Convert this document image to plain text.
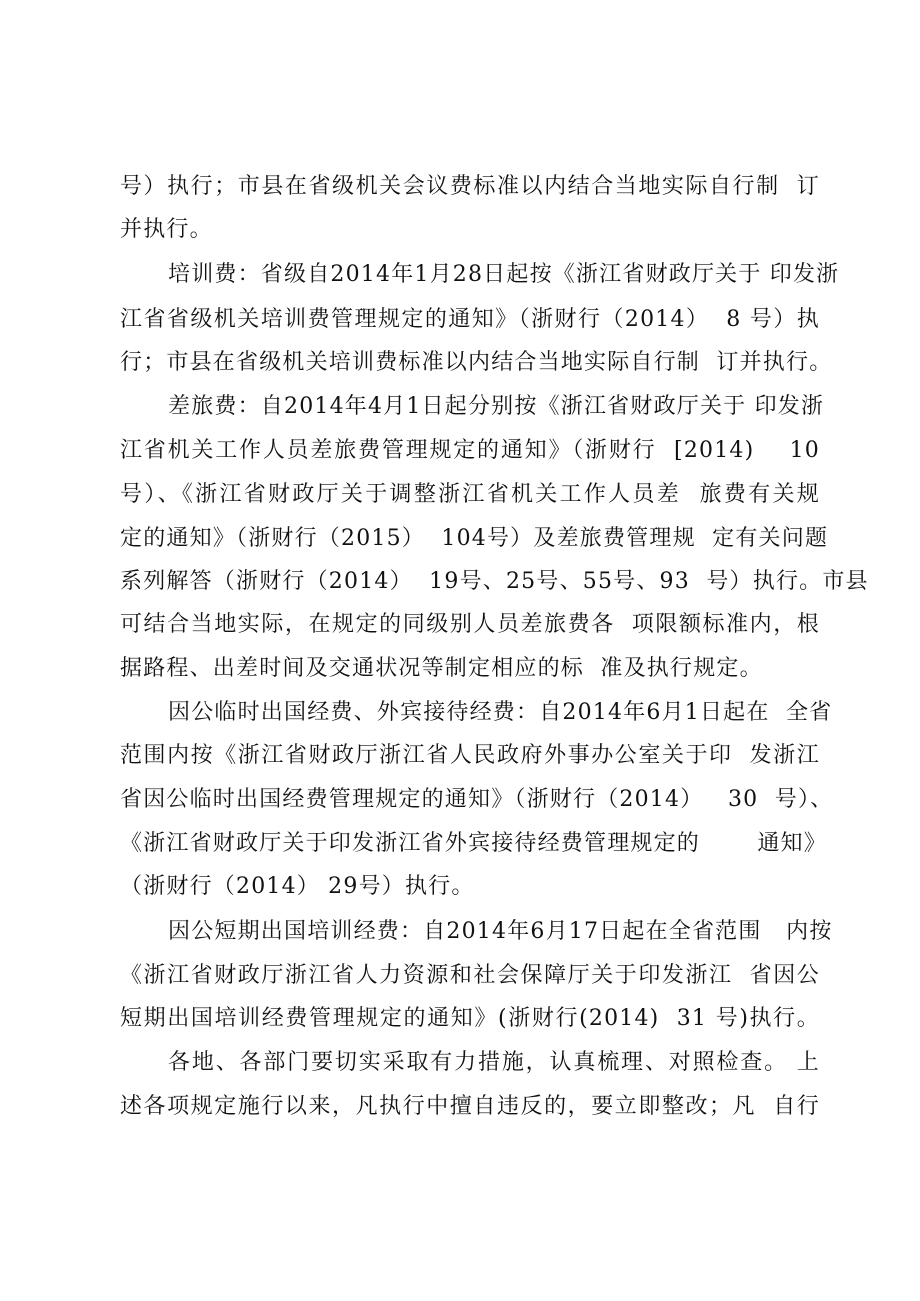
号）执行；市县在省级机关会议费标准以内结合当地实际自行制  订
并执行。
培训费：省级自2014年1月28日起按《浙江省财政厅关于 印发浙
江省省级机关培训费管理规定的通知》（浙财行（2014）  8 号）执
行；市县在省级机关培训费标准以内结合当地实际自行制  订并执行。
差旅费：自2014年4月1日起分别按《浙江省财政厅关于 印发浙
江省机关工作人员差旅费管理规定的通知》（浙财行  [2014)    10
号）、《浙江省财政厅关于调整浙江省机关工作人员差  旅费有关规
定的通知》（浙财行（2015）  104号）及差旅费管理规  定有关问题
系列解答（浙财行（2014）  19号、25号、55号、93  号）执行。市县
可结合当地实际，在规定的同级别人员差旅费各  项限额标准内，根
据路程、出差时间及交通状况等制定相应的标  准及执行规定。
因公临时出国经费、外宾接待经费：自2014年6月1日起在  全省
范围内按《浙江省财政厅浙江省人民政府外事办公室关于印  发浙江
省因公临时出国经费管理规定的通知》（浙财行（2014）   30  号）、
《浙江省财政厅关于印发浙江省外宾接待经费管理规定的       通知》
（浙财行（2014） 29号）执行。
因公短期出国培训经费：自2014年6月17日起在全省范围   内按
《浙江省财政厅浙江省人力资源和社会保障厅关于印发浙江  省因公
短期出国培训经费管理规定的通知》(浙财行(2014)  31 号)执行。
各地、各部门要切实采取有力措施，认真梳理、对照检查。 上
述各项规定施行以来，凡执行中擅自违反的，要立即整改；凡  自行
